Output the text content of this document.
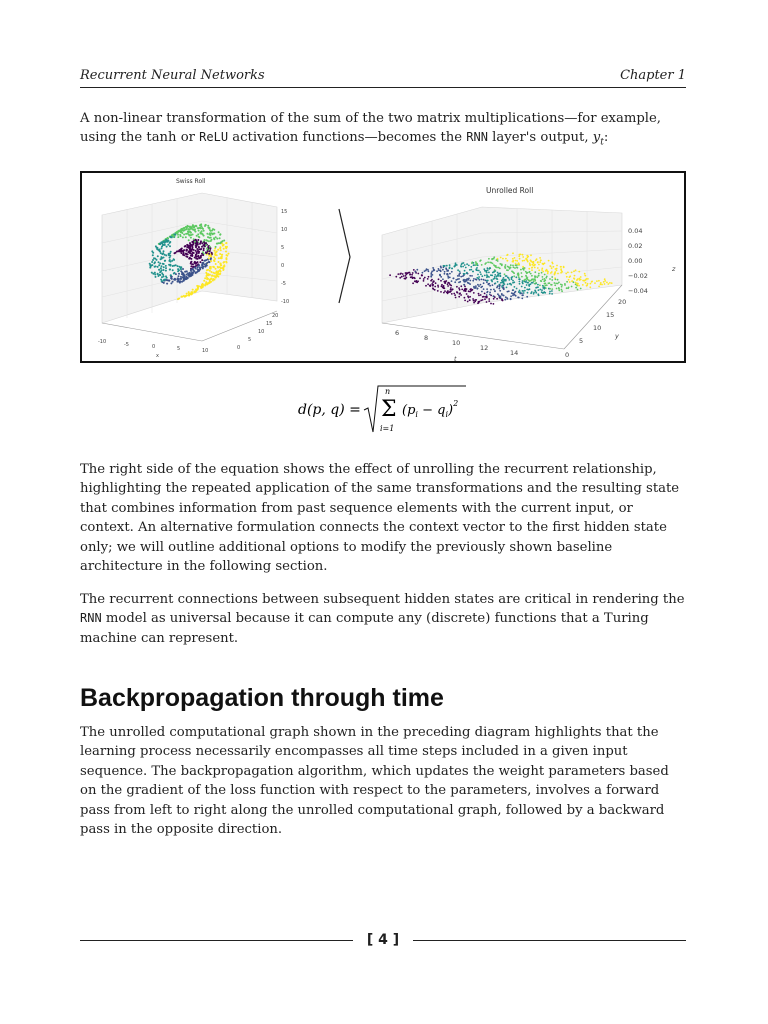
Recurrent Neural Networks	Chapter 1

A non-linear transformation of the sum of the two matrix multiplications—for example,
using the tanh or ReLU activation functions—becomes the RNN layer's output, $y_t$:

Swiss Roll
-10	-5	0	5	10
x
0
5
10
15
20
15
10
5
0
-5
-10
Unrolled Roll
6
8
10
12
14
t	0
5
10
15
20
y
0.04
0.02
0.00
−0.02
−0.04
z
d(p, q) =
n
Σ
i=1
$(p_i - q_i)^2$

The right side of the equation shows the effect of unrolling the recurrent relationship, highlighting the repeated application of the same transformations and the resulting state that combines information from past sequence elements with the current input, or context. An alternative formulation connects the context vector to the first hidden state only; we will outline additional options to modify the previously shown baseline architecture in the following section.

The recurrent connections between subsequent hidden states are critical in rendering the RNN model as universal because it can compute any (discrete) functions that a Turing machine can represent.

Backpropagation through time

The unrolled computational graph shown in the preceding diagram highlights that the learning process necessarily encompasses all time steps included in a given input sequence. The backpropagation algorithm, which updates the weight parameters based on the gradient of the loss function with respect to the parameters, involves a forward pass from left to right along the unrolled computational graph, followed by a backward pass in the opposite direction.

[ 4 ]
